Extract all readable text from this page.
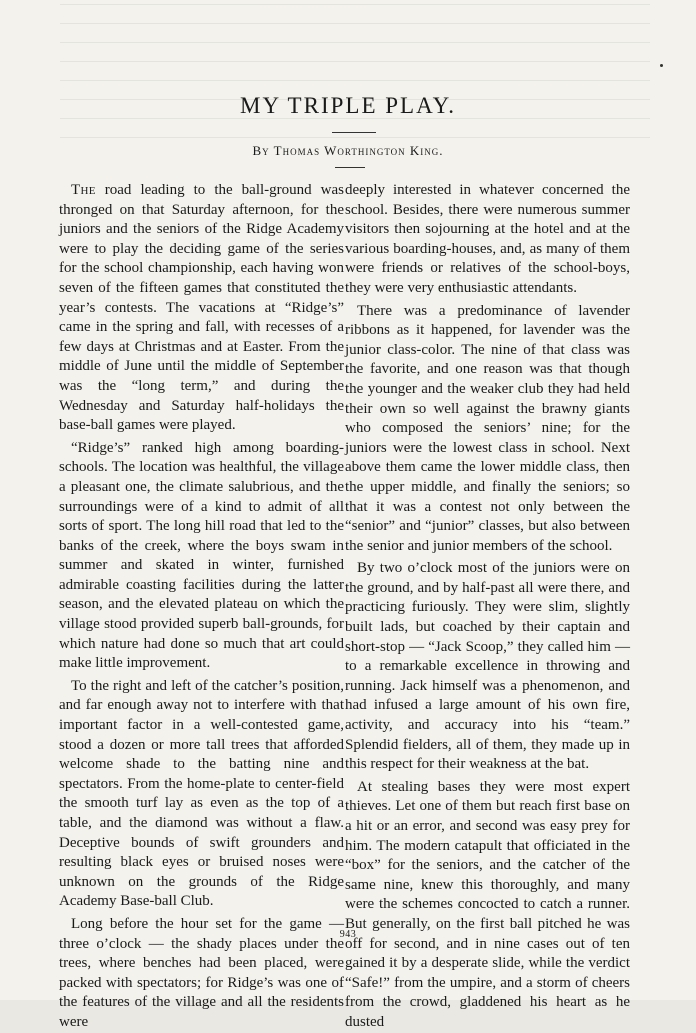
MY TRIPLE PLAY.
By Thomas Worthington King.

The road leading to the ball-ground was thronged on that Saturday afternoon, for the juniors and the seniors of the Ridge Academy were to play the deciding game of the series for the school championship, each having won seven of the fifteen games that constituted the year’s contests. The vacations at “Ridge’s” came in the spring and fall, with recesses of a few days at Christmas and at Easter. From the middle of June until the middle of September was the “long term,” and during the Wednesday and Saturday half-holidays the base-ball games were played.

“Ridge’s” ranked high among boarding-schools. The location was healthful, the village a pleasant one, the climate salubrious, and the surroundings were of a kind to admit of all sorts of sport. The long hill road that led to the banks of the creek, where the boys swam in summer and skated in winter, furnished admirable coasting facilities during the latter season, and the elevated plateau on which the village stood provided superb ball-grounds, for which nature had done so much that art could make little improvement.

To the right and left of the catcher’s position, and far enough away not to interfere with that important factor in a well-contested game, stood a dozen or more tall trees that afforded welcome shade to the batting nine and spectators. From the home-plate to center-field the smooth turf lay as even as the top of a table, and the diamond was without a flaw. Deceptive bounds of swift grounders and resulting black eyes or bruised noses were unknown on the grounds of the Ridge Academy Base-ball Club.

Long before the hour set for the game — three o’clock — the shady places under the trees, where benches had been placed, were packed with spectators; for Ridge’s was one of the features of the village and all the residents were

deeply interested in whatever concerned the school. Besides, there were numerous summer visitors then sojourning at the hotel and at the various boarding-houses, and, as many of them were friends or relatives of the school-boys, they were very enthusiastic attendants.

There was a predominance of lavender ribbons as it happened, for lavender was the junior class-color. The nine of that class was the favorite, and one reason was that though the younger and the weaker club they had held their own so well against the brawny giants who composed the seniors’ nine; for the juniors were the lowest class in school. Next above them came the lower middle class, then the upper middle, and finally the seniors; so that it was a contest not only between the “senior” and “junior” classes, but also between the senior and junior members of the school.

By two o’clock most of the juniors were on the ground, and by half-past all were there, and practicing furiously. They were slim, slightly built lads, but coached by their captain and short-stop — “Jack Scoop,” they called him — to a remarkable excellence in throwing and running. Jack himself was a phenomenon, and had infused a large amount of his own fire, activity, and accuracy into his “team.” Splendid fielders, all of them, they made up in this respect for their weakness at the bat.

At stealing bases they were most expert thieves. Let one of them but reach first base on a hit or an error, and second was easy prey for him. The modern catapult that officiated in the “box” for the seniors, and the catcher of the same nine, knew this thoroughly, and many were the schemes concocted to catch a runner. But generally, on the first ball pitched he was off for second, and in nine cases out of ten gained it by a desperate slide, while the verdict “Safe!” from the umpire, and a storm of cheers from the crowd, gladdened his heart as he dusted

943
